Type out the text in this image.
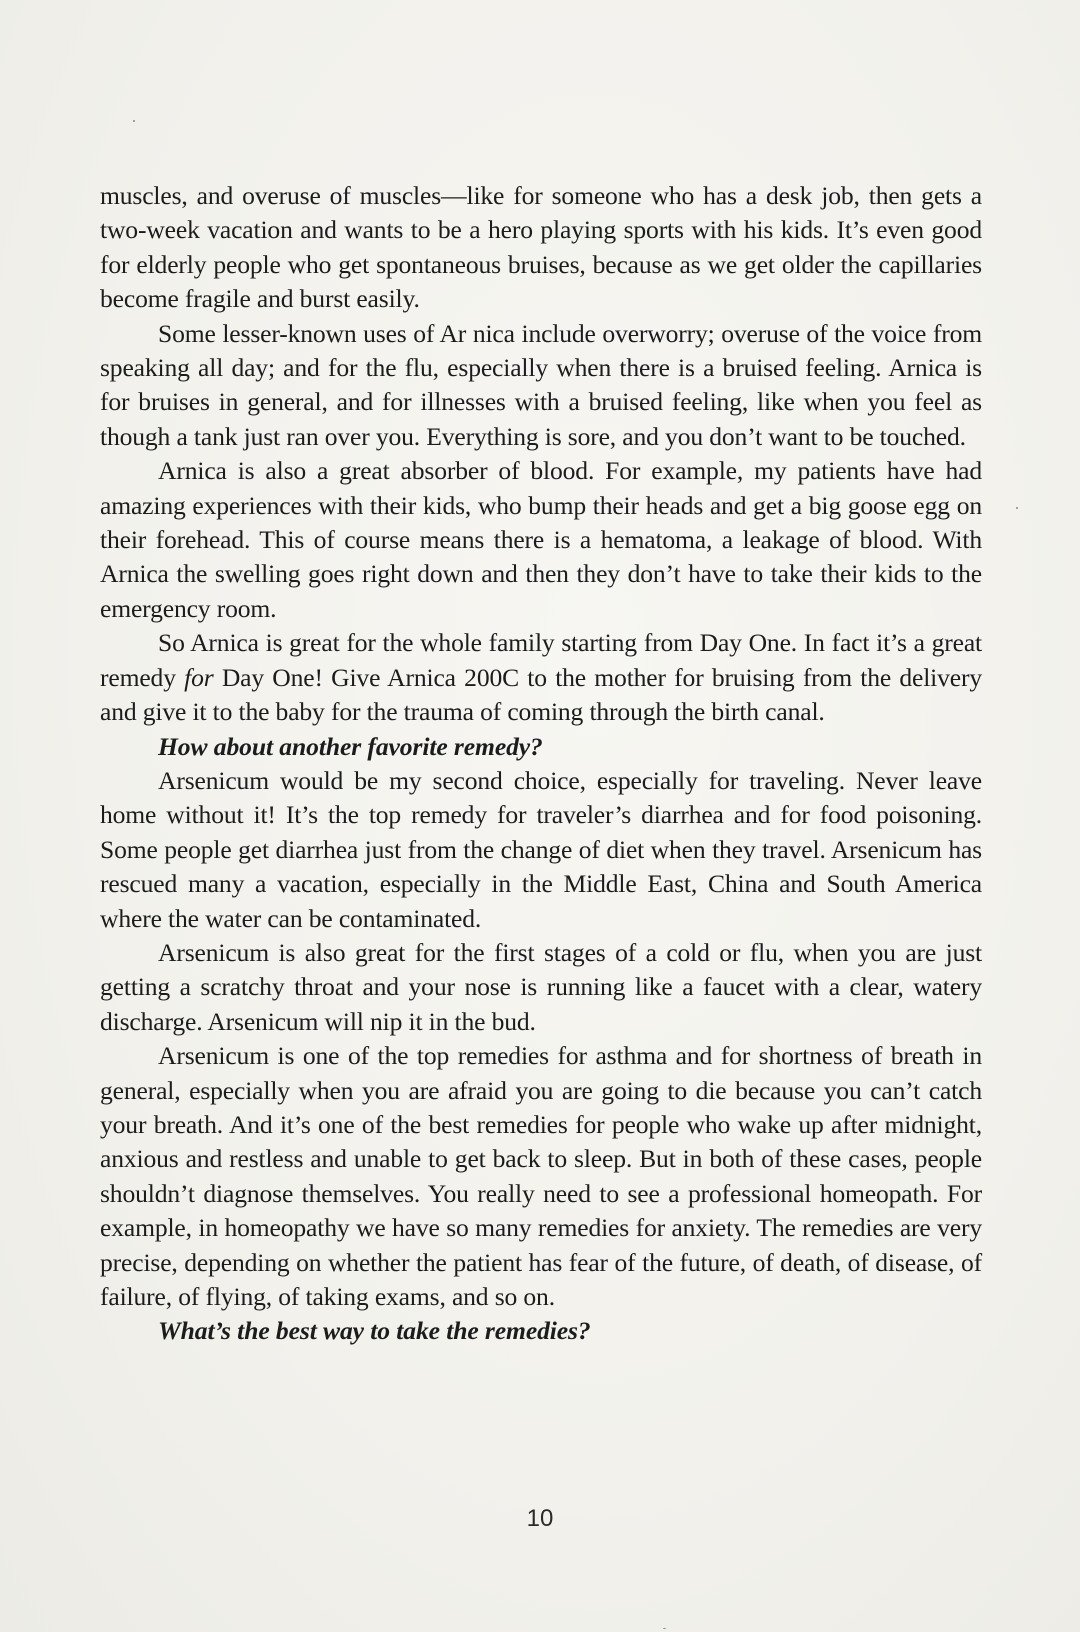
muscles, and overuse of muscles—like for someone who has a desk job, then gets a two-week vacation and wants to be a hero playing sports with his kids. It’s even good for elderly people who get spontaneous bruises, because as we get older the capillaries become fragile and burst easily.

Some lesser-known uses of Ar nica include overworry; overuse of the voice from speaking all day; and for the flu, especially when there is a bruised feeling. Arnica is for bruises in general, and for illnesses with a bruised feeling, like when you feel as though a tank just ran over you. Everything is sore, and you don’t want to be touched.

Arnica is also a great absorber of blood. For example, my patients have had amazing experiences with their kids, who bump their heads and get a big goose egg on their forehead. This of course means there is a hematoma, a leakage of blood. With Arnica the swelling goes right down and then they don’t have to take their kids to the emergency room.

So Arnica is great for the whole family starting from Day One. In fact it’s a great remedy for Day One! Give Arnica 200C to the mother for bruising from the delivery and give it to the baby for the trauma of coming through the birth canal.

How about another favorite remedy?

Arsenicum would be my second choice, especially for traveling. Never leave home without it! It’s the top remedy for traveler’s diarrhea and for food poisoning. Some people get diarrhea just from the change of diet when they travel. Arsenicum has rescued many a vacation, especially in the Middle East, China and South America where the water can be contaminated.

Arsenicum is also great for the first stages of a cold or flu, when you are just getting a scratchy throat and your nose is running like a faucet with a clear, watery discharge. Arsenicum will nip it in the bud.

Arsenicum is one of the top remedies for asthma and for shortness of breath in general, especially when you are afraid you are going to die because you can’t catch your breath. And it’s one of the best remedies for people who wake up after midnight, anxious and restless and unable to get back to sleep. But in both of these cases, people shouldn’t diagnose themselves. You really need to see a professional homeopath. For example, in homeopathy we have so many remedies for anxiety. The remedies are very precise, depending on whether the patient has fear of the future, of death, of disease, of failure, of flying, of taking exams, and so on.

What’s the best way to take the remedies?

10
